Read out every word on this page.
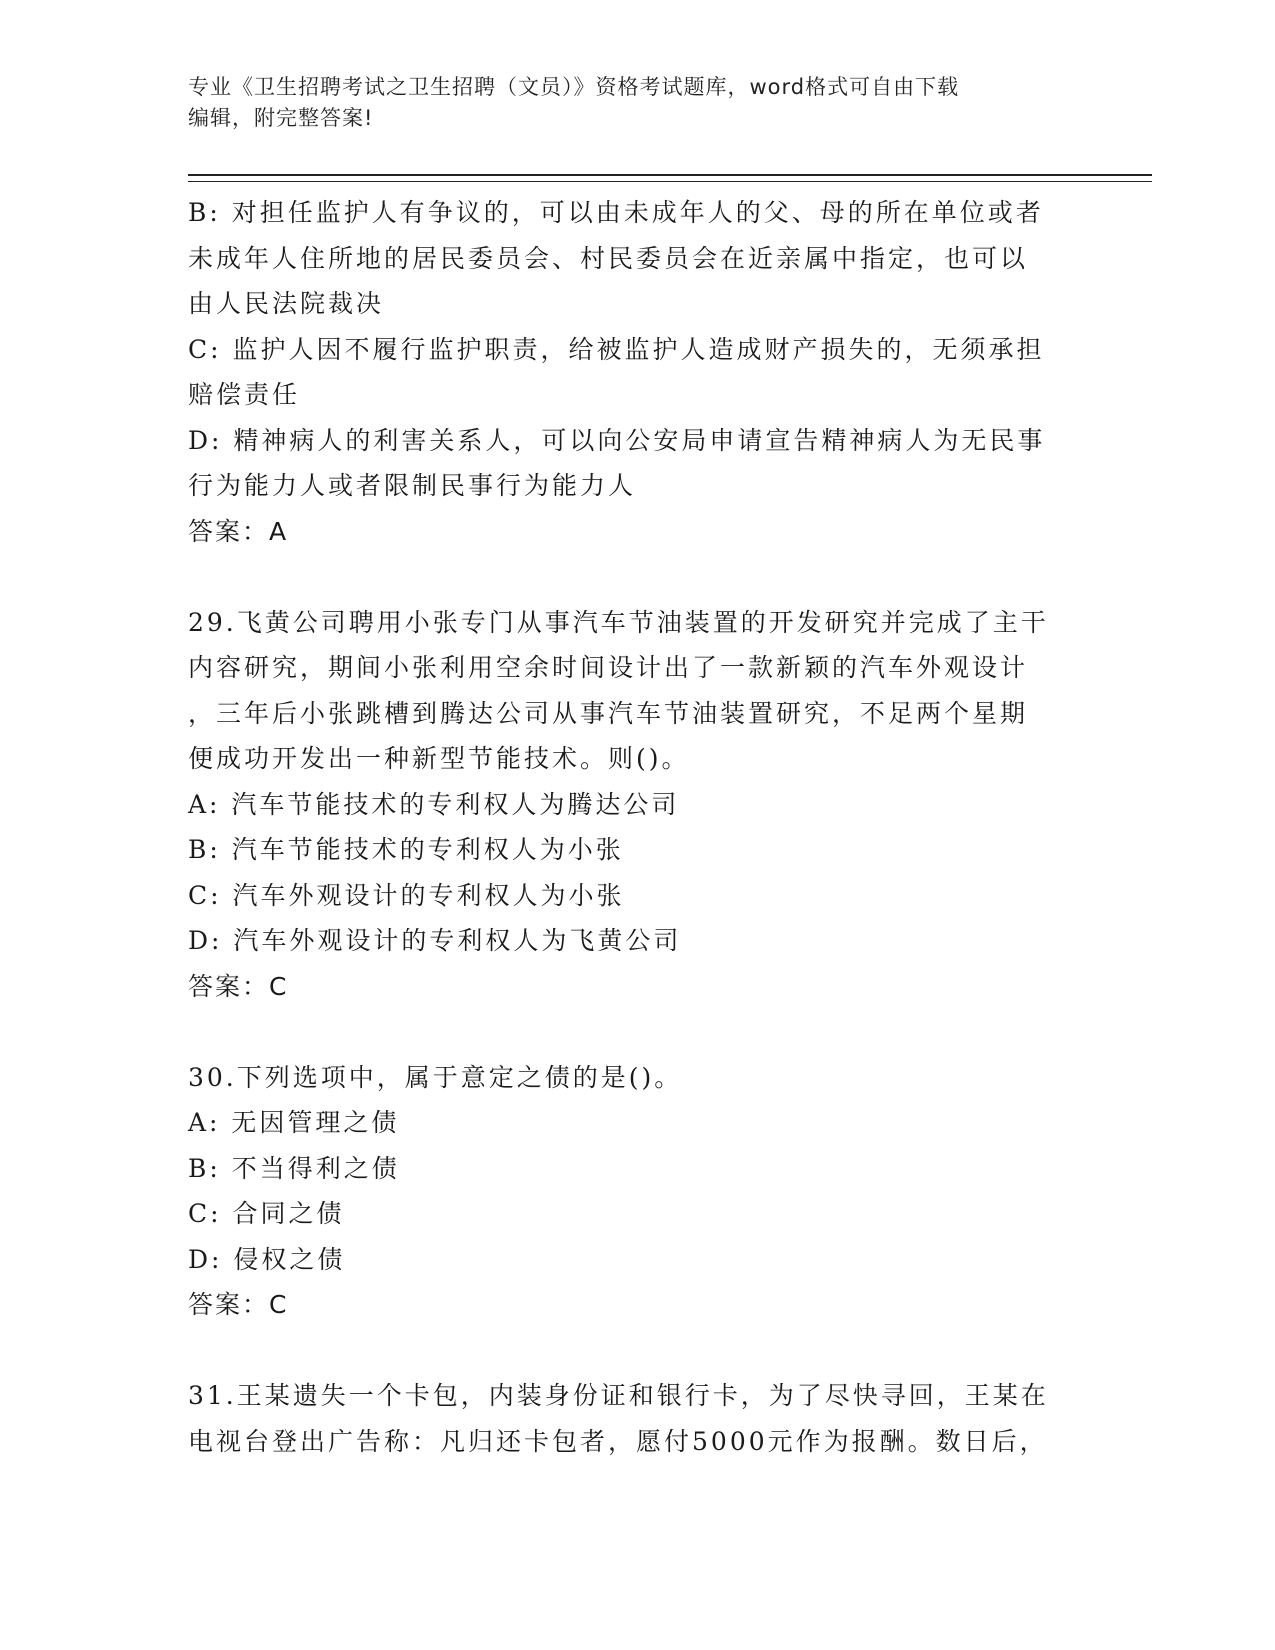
专业《卫生招聘考试之卫生招聘（文员）》资格考试题库，word格式可自由下载
编辑，附完整答案!
B: 对担任监护人有争议的，可以由未成年人的父、母的所在单位或者
未成年人住所地的居民委员会、村民委员会在近亲属中指定，也可以
由人民法院裁决
C: 监护人因不履行监护职责，给被监护人造成财产损失的，无须承担
赔偿责任
D: 精神病人的利害关系人，可以向公安局申请宣告精神病人为无民事
行为能力人或者限制民事行为能力人
答案：A
29.飞黄公司聘用小张专门从事汽车节油装置的开发研究并完成了主干
内容研究，期间小张利用空余时间设计出了一款新颖的汽车外观设计
，三年后小张跳槽到腾达公司从事汽车节油装置研究，不足两个星期
便成功开发出一种新型节能技术。则()。
A: 汽车节能技术的专利权人为腾达公司
B: 汽车节能技术的专利权人为小张
C: 汽车外观设计的专利权人为小张
D: 汽车外观设计的专利权人为飞黄公司
答案：C
30.下列选项中，属于意定之债的是()。
A: 无因管理之债
B: 不当得利之债
C: 合同之债
D: 侵权之债
答案：C
31.王某遗失一个卡包，内装身份证和银行卡，为了尽快寻回，王某在
电视台登出广告称：凡归还卡包者，愿付5000元作为报酬。数日后，
